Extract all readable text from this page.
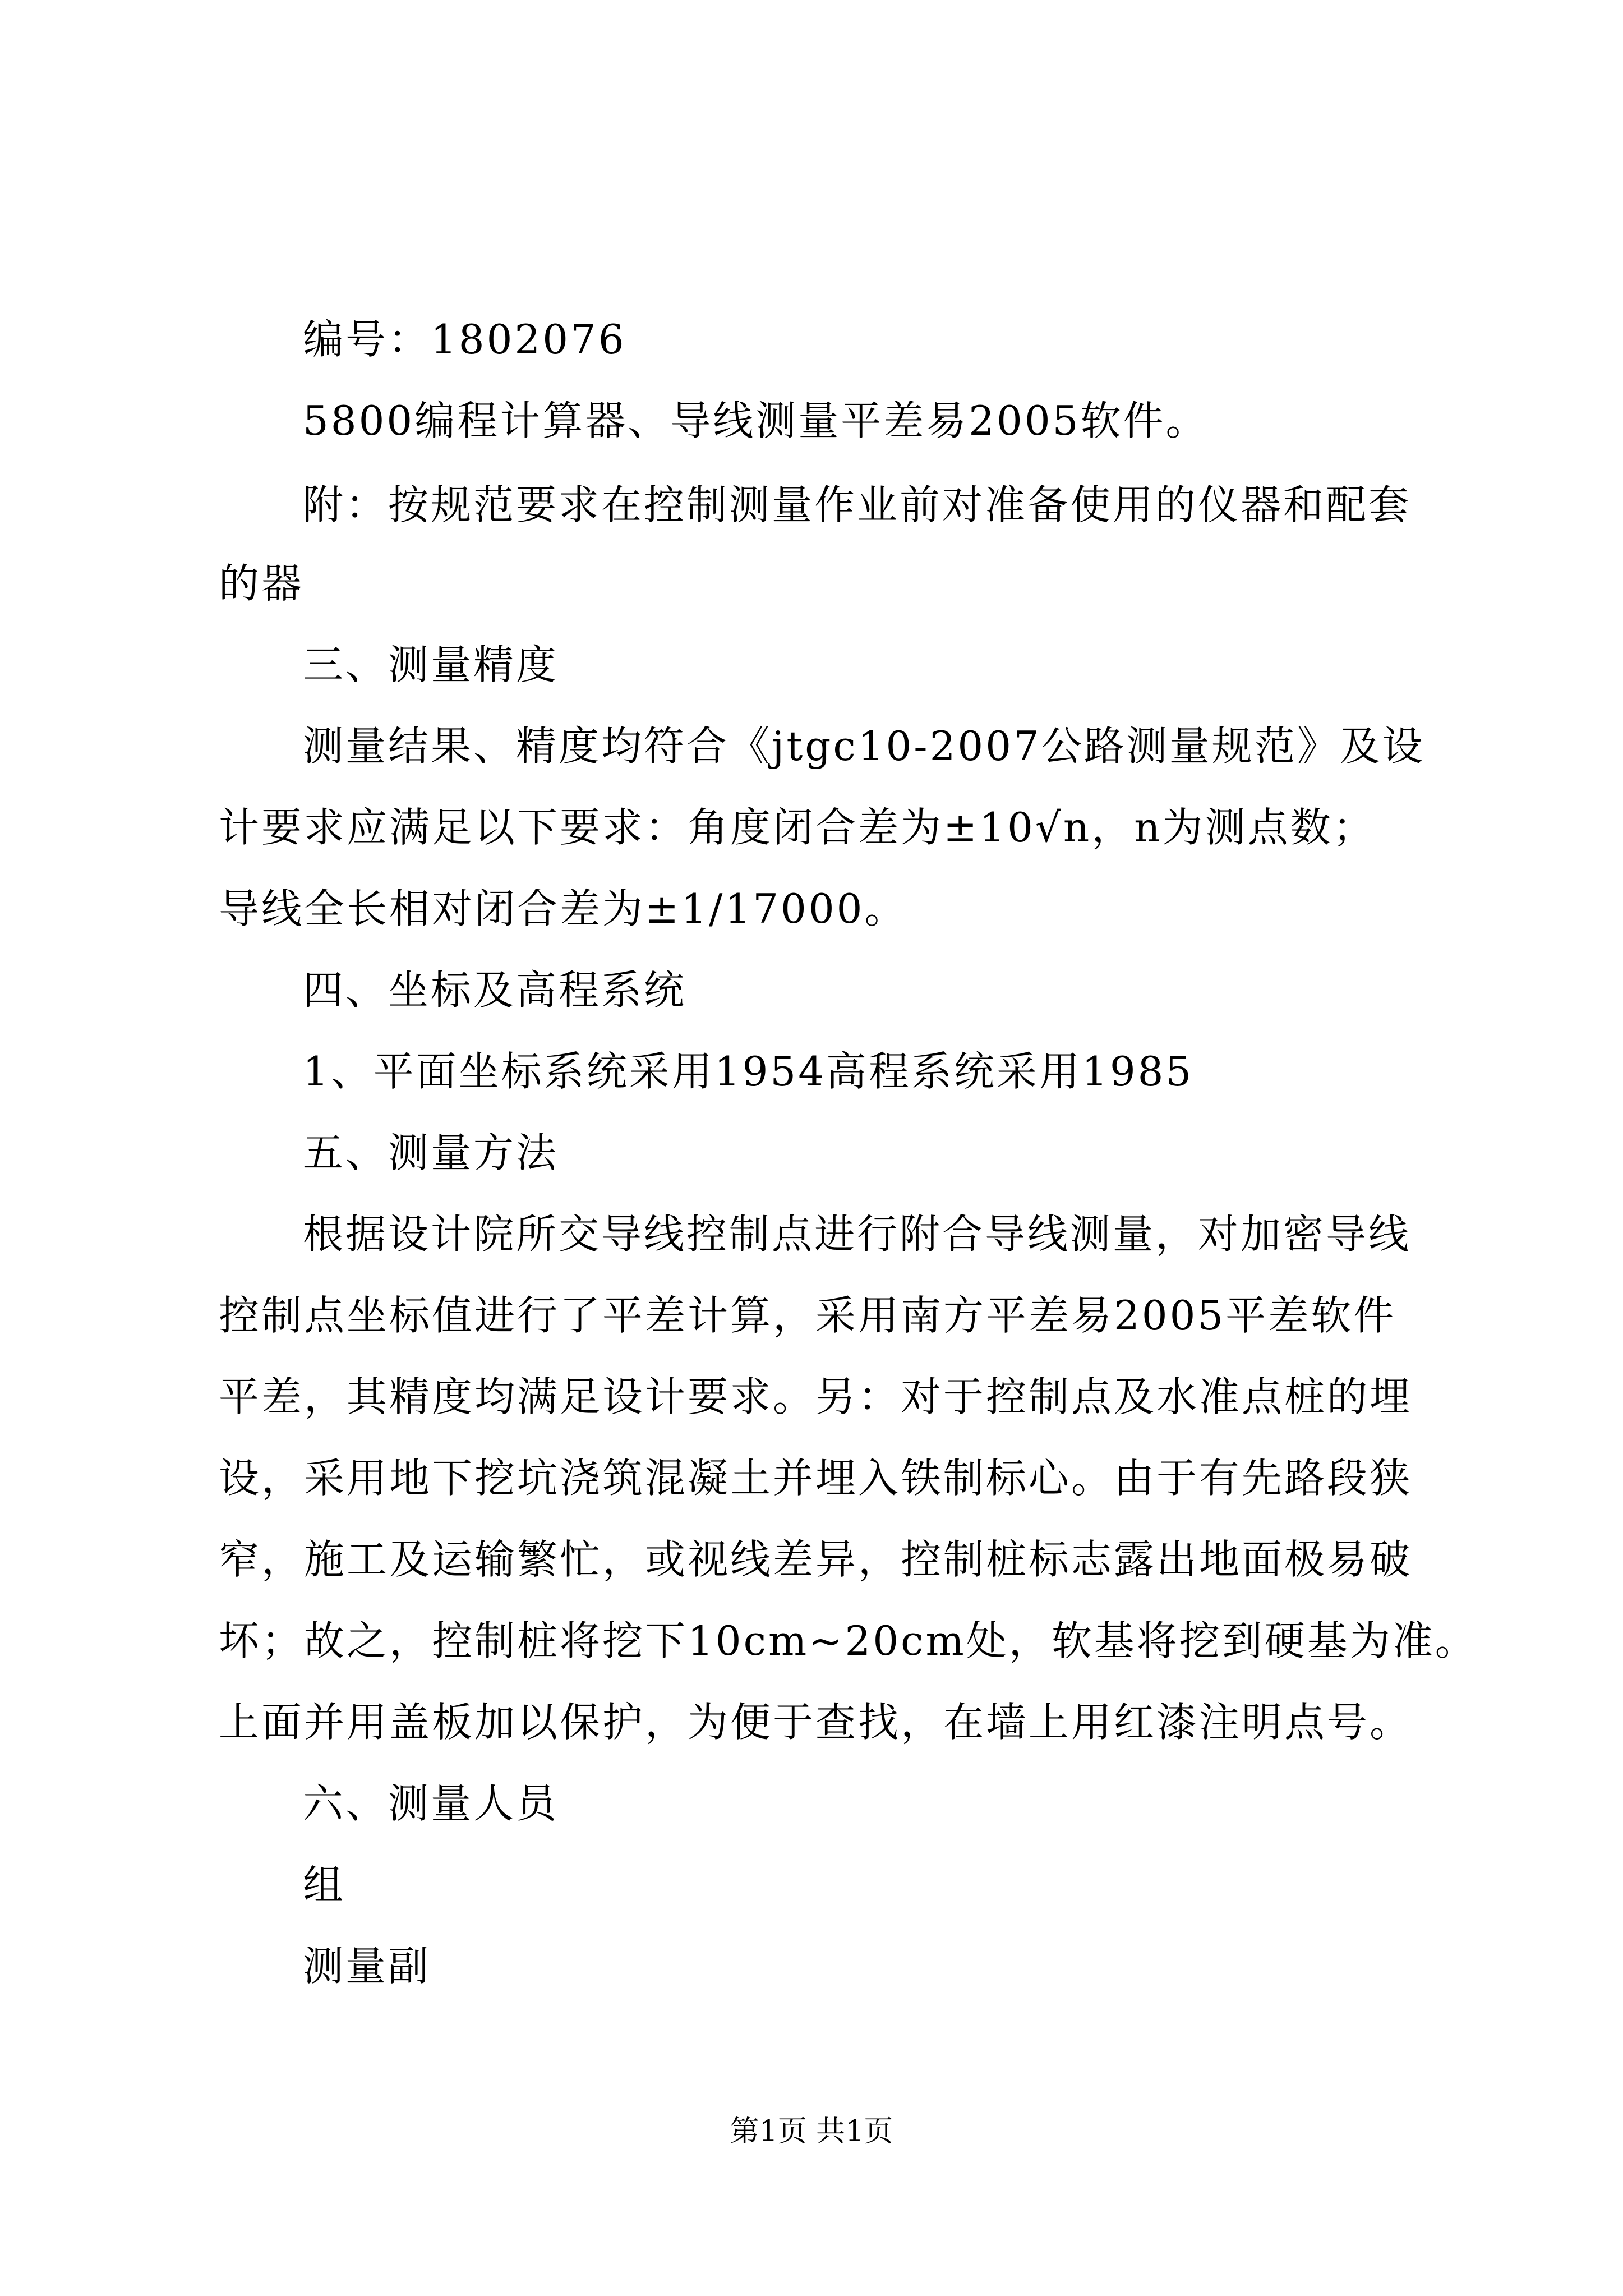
编号：1802076
5800编程计算器、导线测量平差易2005软件。
附：按规范要求在控制测量作业前对准备使用的仪器和配套
的器
三、测量精度
测量结果、精度均符合《jtgc10-2007公路测量规范》及设
计要求应满足以下要求：角度闭合差为±10√n，n为测点数；
导线全长相对闭合差为±1/17000。
四、坐标及高程系统
1、平面坐标系统采用1954高程系统采用1985
五、测量方法
根据设计院所交导线控制点进行附合导线测量，对加密导线
控制点坐标值进行了平差计算，采用南方平差易2005平差软件
平差，其精度均满足设计要求。另：对于控制点及水准点桩的埋
设，采用地下挖坑浇筑混凝土并埋入铁制标心。由于有先路段狭
窄，施工及运输繁忙，或视线差异，控制桩标志露出地面极易破
坏；故之，控制桩将挖下10cm~20cm处，软基将挖到硬基为准。
上面并用盖板加以保护，为便于查找，在墙上用红漆注明点号。
六、测量人员
组
测量副
第1页 共1页
